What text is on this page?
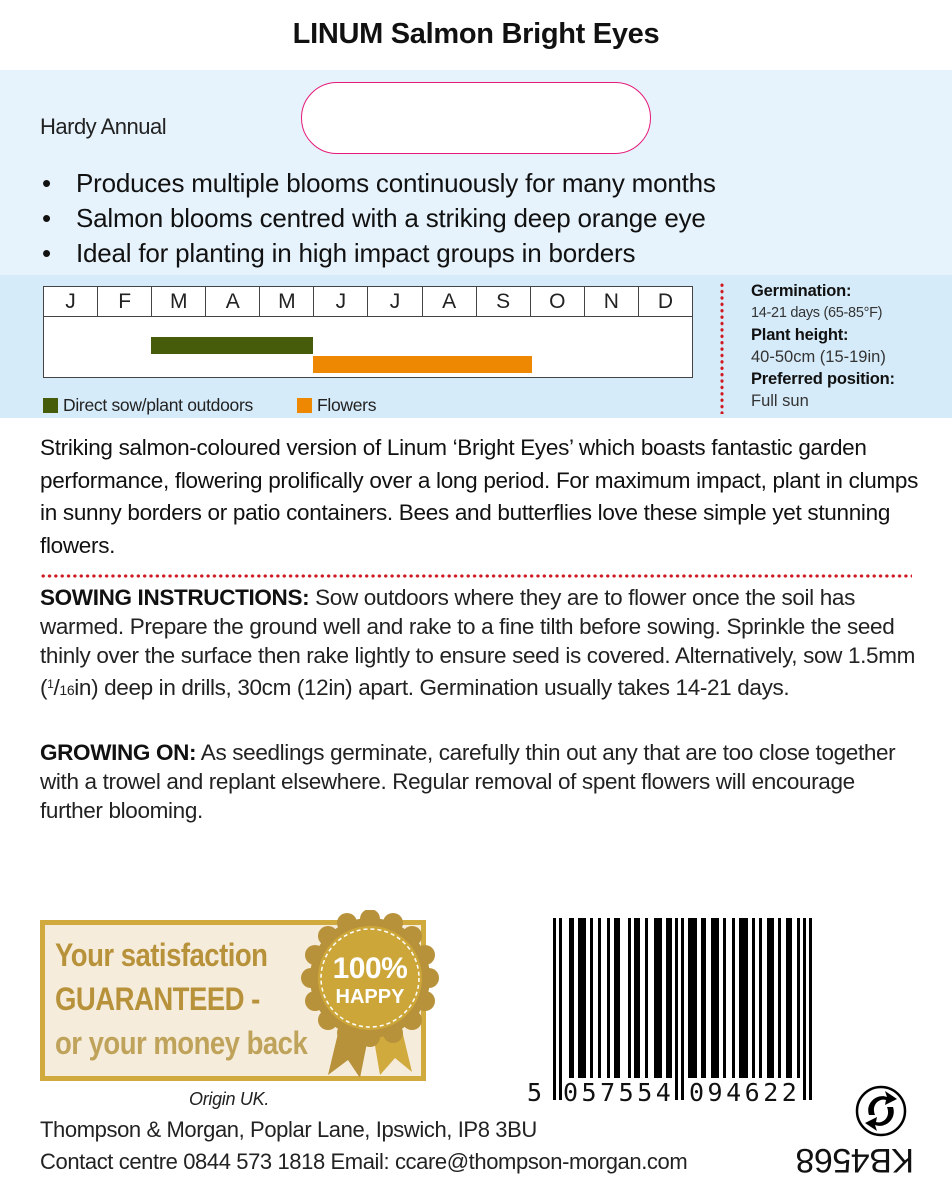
LINUM Salmon Bright Eyes
Hardy Annual
• Produces multiple blooms continuously for many months
• Salmon blooms centred with a striking deep orange eye
• Ideal for planting in high impact groups in borders
J	F	M	A	M	J	J	A	S	O	N	D
Direct sow/plant outdoors	Flowers
Germination:
14-21 days (65-85°F)
Plant height:
40-50cm (15-19in)
Preferred position:
Full sun
Striking salmon-coloured version of Linum ‘Bright Eyes’ which boasts fantastic garden performance, flowering prolifically over a long period. For maximum impact, plant in clumps in sunny borders or patio containers. Bees and butterflies love these simple yet stunning flowers.
SOWING INSTRUCTIONS: Sow outdoors where they are to flower once the soil has warmed. Prepare the ground well and rake to a fine tilth before sowing. Sprinkle the seed thinly over the surface then rake lightly to ensure seed is covered. Alternatively, sow 1.5mm ($^1$/16in) deep in drills, 30cm (12in) apart. Germination usually takes 14-21 days.
GROWING ON: As seedlings germinate, carefully thin out any that are too close together with a trowel and replant elsewhere. Regular removal of spent flowers will encourage further blooming.
Your satisfaction
GUARANTEED -
or your money back
100%
HAPPY
Origin UK.
Thompson & Morgan, Poplar Lane, Ipswich, IP8 3BU
Contact centre 0844 573 1818 Email: ccare@thompson-morgan.com
5 057554 094622
KB4568
